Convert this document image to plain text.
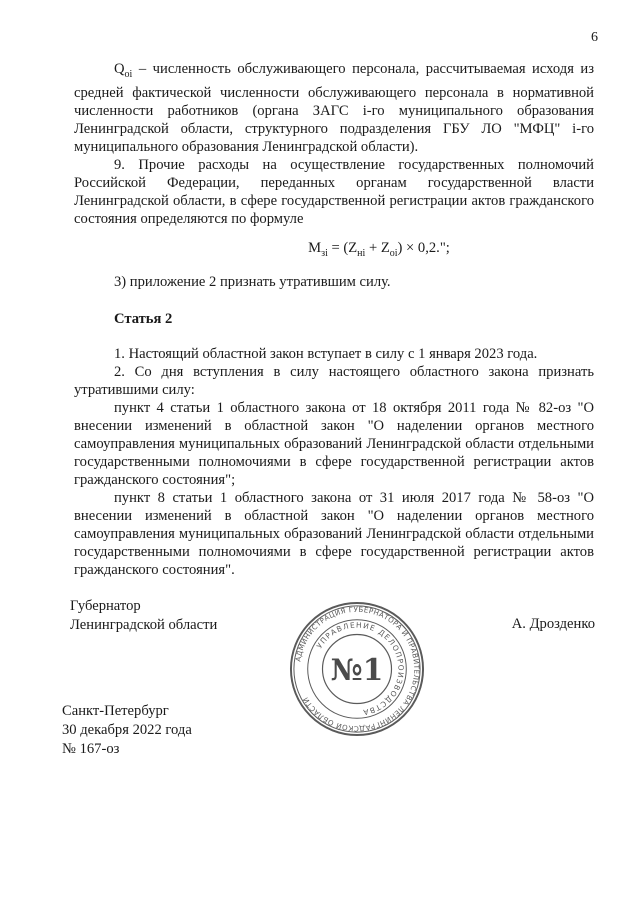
6

$Q_{oi}$ – численность обслуживающего персонала, рассчитываемая исходя из средней фактической численности обслуживающего персонала в нормативной численности работников (органа ЗАГС i-го муниципального образования Ленинградской области, структурного подразделения ГБУ ЛО "МФЦ" i-го муниципального образования Ленинградской области).

9. Прочие расходы на осуществление государственных полномочий Российской Федерации, переданных органам государственной власти Ленинградской области, в сфере государственной регистрации актов гражданского состояния определяются по формуле

$M_{зi} = (Z_{нi} + Z_{oi}) \times 0,2$.";

3) приложение 2 признать утратившим силу.

Статья 2

1. Настоящий областной закон вступает в силу с 1 января 2023 года.

2. Со дня вступления в силу настоящего областного закона признать утратившими силу:

пункт 4 статьи 1 областного закона от 18 октября 2011 года № 82-оз "О внесении изменений в областной закон "О наделении органов местного самоуправления муниципальных образований Ленинградской области отдельными государственными полномочиями в сфере государственной регистрации актов гражданского состояния";

пункт 8 статьи 1 областного закона от 31 июля 2017 года № 58-оз "О внесении изменений в областной закон "О наделении органов местного самоуправления муниципальных образований Ленинградской области отдельными государственными полномочиями в сфере государственной регистрации актов гражданского состояния".

Губернатор
Ленинградской области	А. Дрозденко
АДМИНИСТРАЦИЯ ГУБЕРНАТОРА И ПРАВИТЕЛЬСТВА ЛЕНИНГРАДСКОЙ ОБЛАСТИ
УПРАВЛЕНИЕ ДЕЛОПРОИЗВОДСТВА
№1
Санкт-Петербург
30 декабря 2022 года
№ 167-оз
